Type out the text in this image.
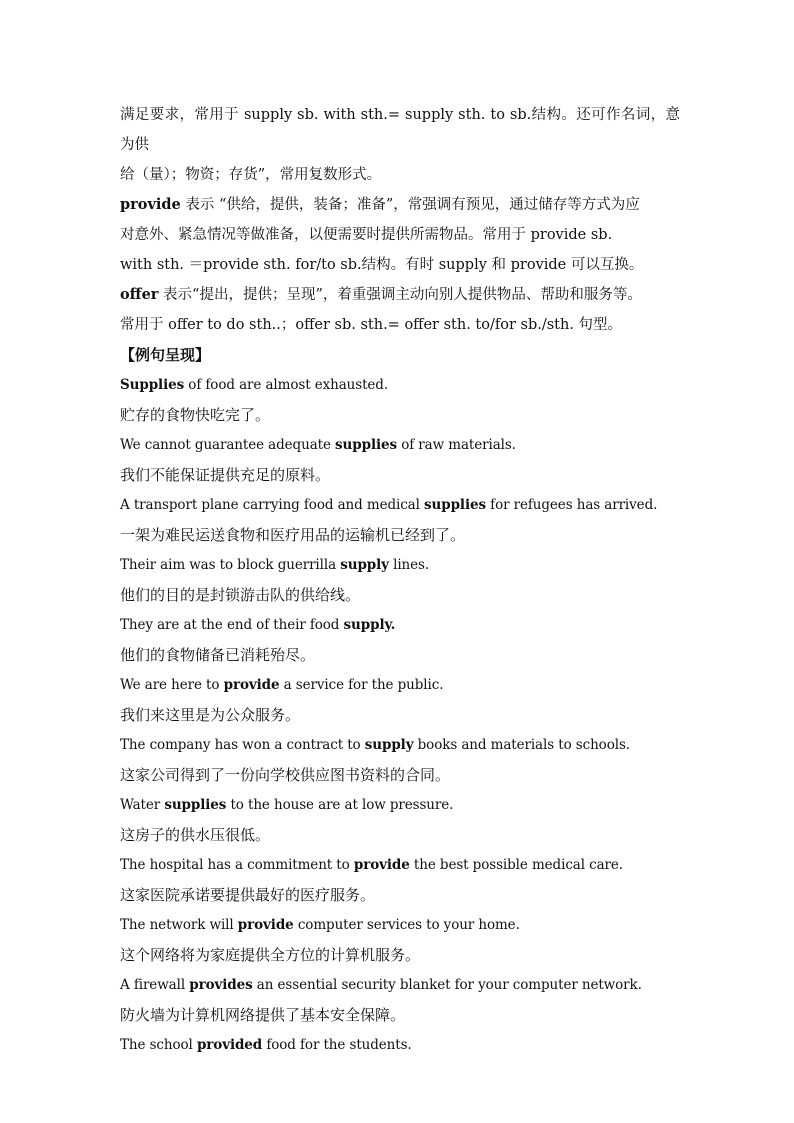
满足要求，常用于 supply sb. with sth.= supply sth. to sb.结构。还可作名词，意为供
给（量）；物资；存货”，常用复数形式。

provide 表示 “供给，提供，装备；准备”，常强调有预见，通过储存等方式为应
对意外、紧急情况等做准备，以便需要时提供所需物品。常用于 provide sb.
with sth. ＝provide sth. for/to sb.结构。有时 supply 和 provide 可以互换。

offer 表示“提出，提供；呈现”，着重强调主动向别人提供物品、帮助和服务等。
常用于 offer to do sth..；offer sb. sth.= offer sth. to/for sb./sth. 句型。

【例句呈现】

Supplies of food are almost exhausted.

贮存的食物快吃完了。

We cannot guarantee adequate supplies of raw materials.

我们不能保证提供充足的原料。

A transport plane carrying food and medical supplies for refugees has arrived.

一架为难民运送食物和医疗用品的运输机已经到了。

Their aim was to block guerrilla supply lines.

他们的目的是封锁游击队的供给线。

They are at the end of their food supply.

他们的食物储备已消耗殆尽。

We are here to provide a service for the public.

我们来这里是为公众服务。

The company has won a contract to supply books and materials to schools.

这家公司得到了一份向学校供应图书资料的合同。

Water supplies to the house are at low pressure.

这房子的供水压很低。

The hospital has a commitment to provide the best possible medical care.

这家医院承诺要提供最好的医疗服务。

The network will provide computer services to your home.

这个网络将为家庭提供全方位的计算机服务。

A firewall provides an essential security blanket for your computer network.

防火墙为计算机网络提供了基本安全保障。

The school provided food for the students.
